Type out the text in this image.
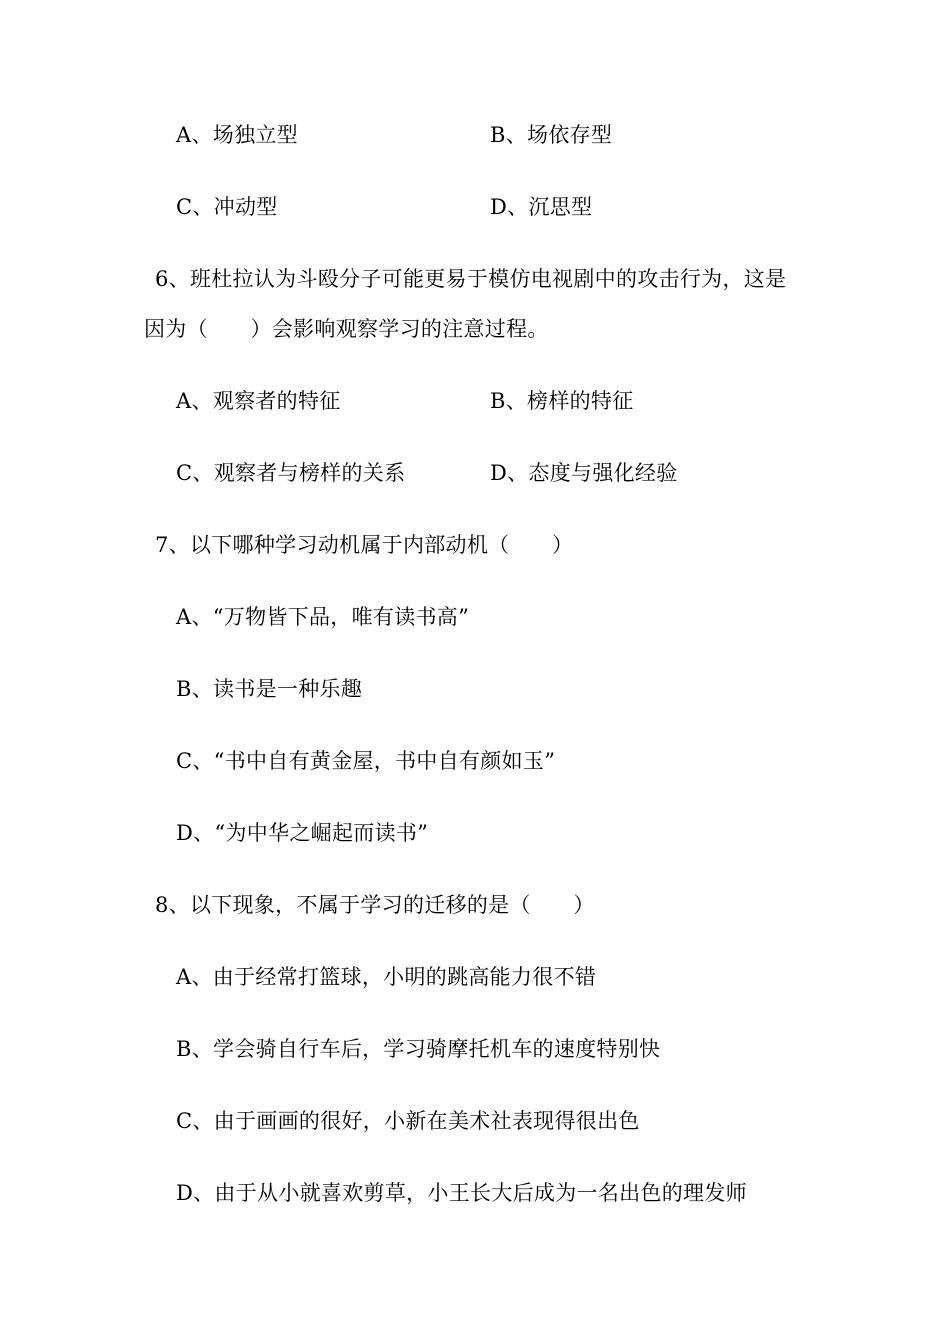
A、场独立型	B、场依存型
C、冲动型	D、沉思型
6、班杜拉认为斗殴分子可能更易于模仿电视剧中的攻击行为，这是
因为（　　）会影响观察学习的注意过程。
A、观察者的特征	B、榜样的特征
C、观察者与榜样的关系	D、态度与强化经验
7、以下哪种学习动机属于内部动机（　　）
A、“万物皆下品，唯有读书高”
B、读书是一种乐趣
C、“书中自有黄金屋，书中自有颜如玉”
D、“为中华之崛起而读书”
8、以下现象，不属于学习的迁移的是（　　）
A、由于经常打篮球，小明的跳高能力很不错
B、学会骑自行车后，学习骑摩托机车的速度特别快
C、由于画画的很好，小新在美术社表现得很出色
D、由于从小就喜欢剪草，小王长大后成为一名出色的理发师
